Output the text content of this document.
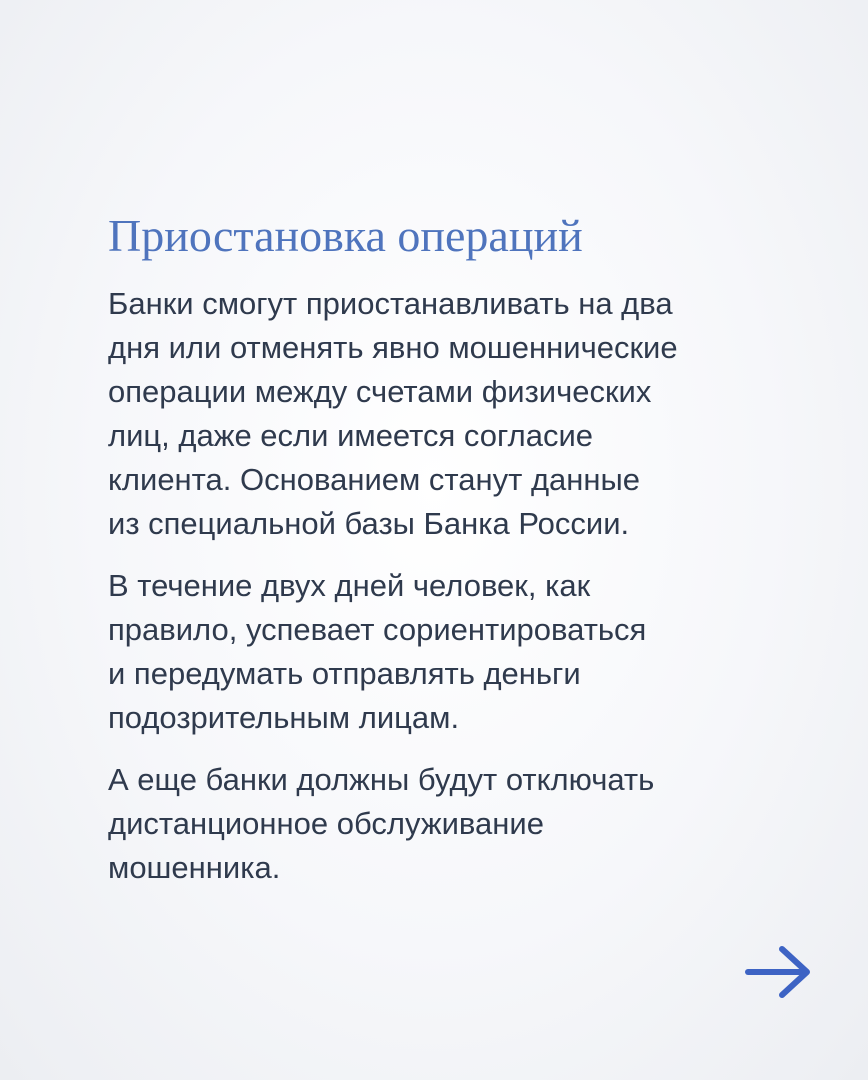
Приостановка операций

Банки смогут приостанавливать на два
дня или отменять явно мошеннические
операции между счетами физических
лиц, даже если имеется согласие
клиента. Основанием станут данные
из специальной базы Банка России.

В течение двух дней человек, как
правило, успевает сориентироваться
и передумать отправлять деньги
подозрительным лицам.

А еще банки должны будут отключать
дистанционное обслуживание
мошенника.
